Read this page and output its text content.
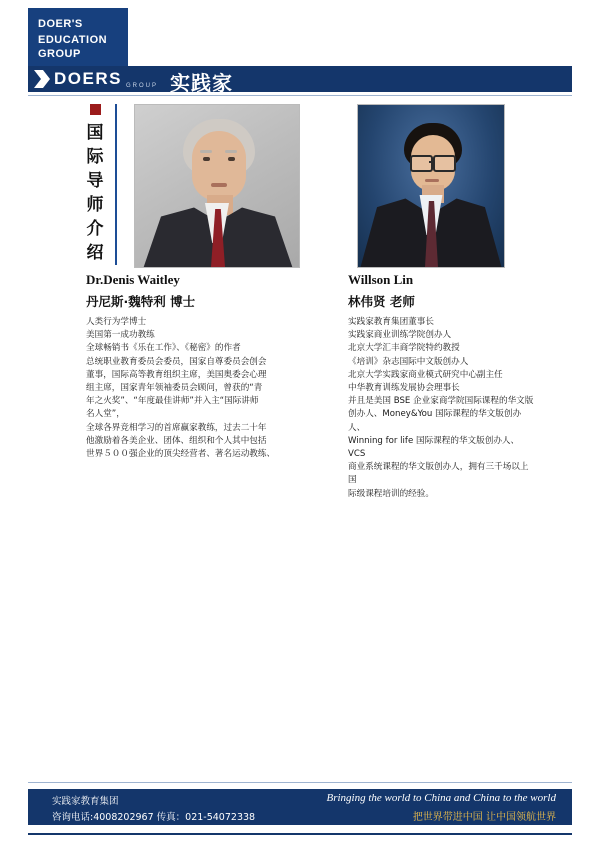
DOER'S
EDUCATION
GROUP
DOERS GROUP 实践家
国
际
导
师
介
绍
Dr.Denis Waitley
丹尼斯·魏特利 博士
人类行为学博士
美国第一成功教练
全球畅销书《乐在工作》、《秘密》的作者
总统职业教育委员会委员，国家自尊委员会创会
董事，国际高等教育组织主席，美国奥委会心理
组主席，国家青年领袖委员会顾问，曾获的“青
年之火奖”、“年度最佳讲师”并入主“国际讲师
名人堂”，
全球各界竞相学习的首席赢家教练，过去二十年
他激励着各美企业、团体、组织和个人其中包括
世界５００强企业的顶尖经营者、著名运动教练、
Willson Lin
林伟贤 老师
实践家教育集团董事长
实践家商业训练学院创办人
北京大学汇丰商学院特约教授
《培训》杂志国际中文版创办人
北京大学实践家商业模式研究中心副主任
中华教育训练发展协会理事长
并且是美国 BSE 企业家商学院国际课程的华文版
创办人、Money&You 国际课程的华文版创办人、
Winning for life 国际课程的华文版创办人、VCS
商业系统课程的华文版创办人，拥有三千场以上国
际级课程培训的经验。
实践家教育集团
咨询电话:4008202967 传真：021-54072338
Bringing the world to China and China to the world
把世界带进中国 让中国领航世界
